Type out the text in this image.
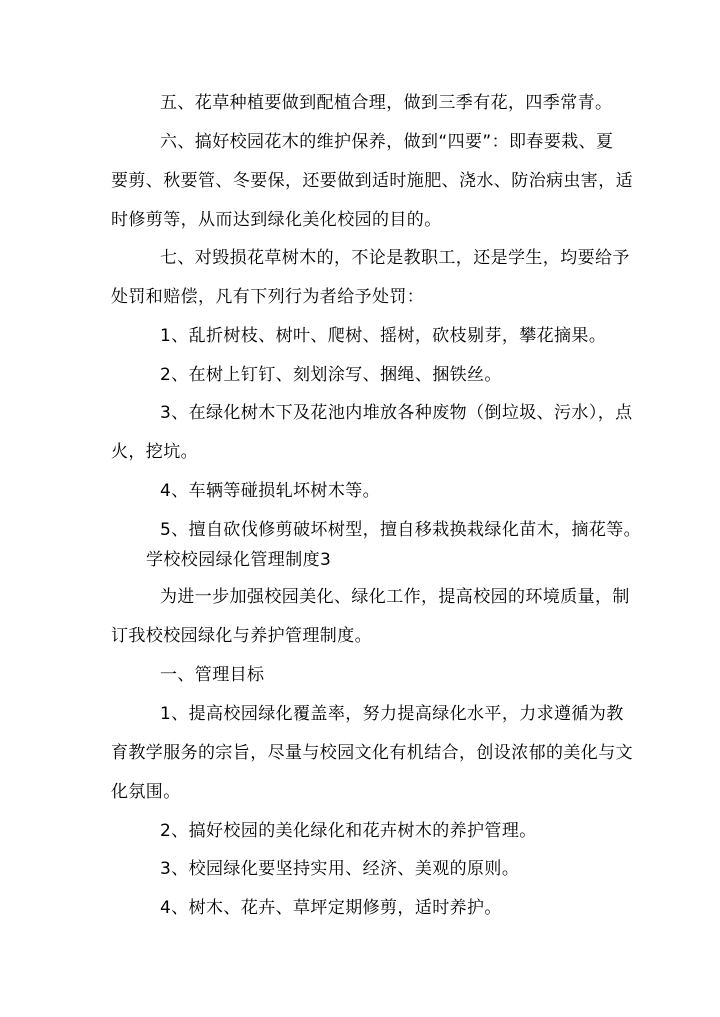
五、花草种植要做到配植合理，做到三季有花，四季常青。
六、搞好校园花木的维护保养，做到“四要”：即春要栽、夏
要剪、秋要管、冬要保，还要做到适时施肥、浇水、防治病虫害，适
时修剪等，从而达到绿化美化校园的目的。
七、对毁损花草树木的，不论是教职工，还是学生，均要给予
处罚和赔偿，凡有下列行为者给予处罚：
1、乱折树枝、树叶、爬树、摇树，砍枝剔芽，攀花摘果。
2、在树上钉钉、刻划涂写、捆绳、捆铁丝。
3、在绿化树木下及花池内堆放各种废物（倒垃圾、污水），点
火，挖坑。
4、车辆等碰损轧坏树木等。
5、擅自砍伐修剪破坏树型，擅自移栽换栽绿化苗木，摘花等。
学校校园绿化管理制度3
为进一步加强校园美化、绿化工作，提高校园的环境质量，制
订我校校园绿化与养护管理制度。
一、管理目标
1、提高校园绿化覆盖率，努力提高绿化水平，力求遵循为教
育教学服务的宗旨，尽量与校园文化有机结合，创设浓郁的美化与文
化氛围。
2、搞好校园的美化绿化和花卉树木的养护管理。
3、校园绿化要坚持实用、经济、美观的原则。
4、树木、花卉、草坪定期修剪，适时养护。
